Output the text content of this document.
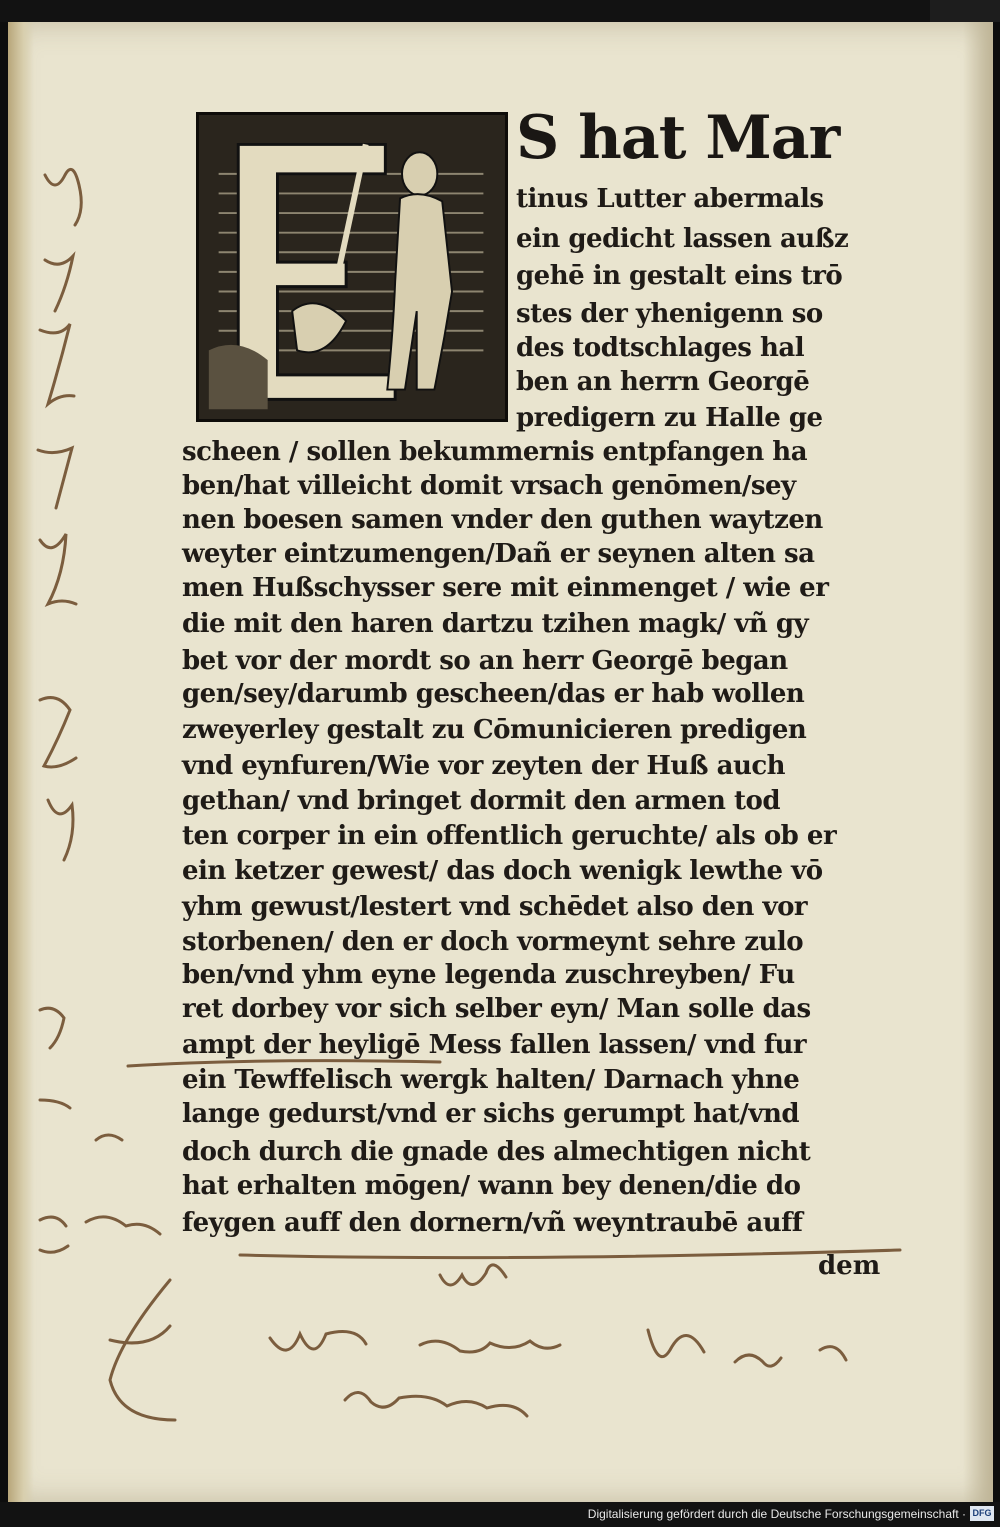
S hat Mar
tinus Lutter abermals
ein gedicht lassen außz
gehē in gestalt eins trō
stes der yhenigenn so
des todtschlages hal
ben an herrn Georgē
predigern zu Halle ge
scheen / sollen bekummernis entpfangen ha
ben/hat villeicht domit vrsach genōmen/sey
nen boesen samen vnder den guthen waytzen
weyter eintzumengen/Dañ er seynen alten sa
men Hußschysser sere mit einmenget / wie er
die mit den haren dartzu tzihen magk/ vñ gy
bet vor der mordt so an herr Georgē began
gen/sey/darumb gescheen/das er hab wollen
zweyerley gestalt zu Cōmunicieren predigen
vnd eynfuren/Wie vor zeyten der Huß auch
gethan/ vnd bringet dormit den armen tod
ten corper in ein offentlich geruchte/ als ob er
ein ketzer gewest/ das doch wenigk lewthe vō
yhm gewust/lestert vnd schēdet also den vor
storbenen/ den er doch vormeynt sehre zulo
ben/vnd yhm eyne legenda zuschreyben/ Fu
ret dorbey vor sich selber eyn/ Man solle das
ampt der heyligē Mess fallen lassen/ vnd fur
ein Tewffelisch wergk halten/ Darnach yhne
lange gedurst/vnd er sichs gerumpt hat/vnd
doch durch die gnade des almechtigen nicht
hat erhalten mōgen/ wann bey denen/die do
feygen auff den dornern/vñ weyntraubē auff
dem
Digitalisierung gefördert durch die Deutsche Forschungsgemeinschaft · DFG
